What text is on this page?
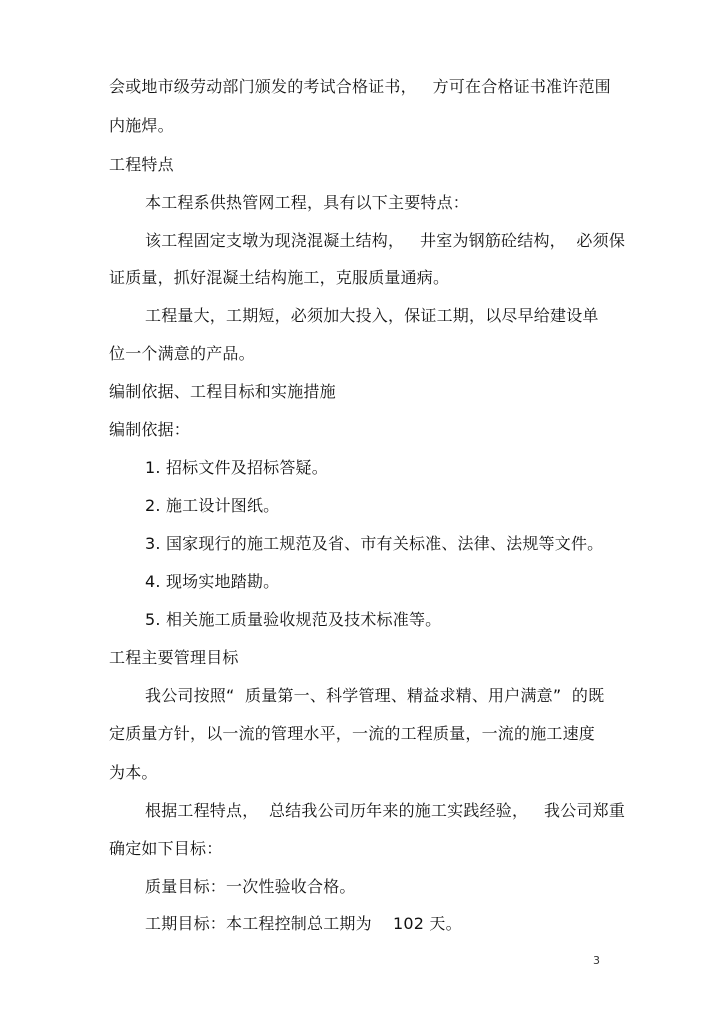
会或地市级劳动部门颁发的考试合格证书，   方可在合格证书准许范围
内施焊。
工程特点
本工程系供热管网工程，具有以下主要特点：
该工程固定支墩为现浇混凝土结构，   井室为钢筋砼结构，  必须保
证质量，抓好混凝土结构施工，克服质量通病。
工程量大，工期短，必须加大投入，保证工期，以尽早给建设单
位一个满意的产品。
编制依据、工程目标和实施措施
编制依据：
1. 招标文件及招标答疑。
2. 施工设计图纸。
3. 国家现行的施工规范及省、市有关标准、法律、法规等文件。
4. 现场实地踏勘。
5. 相关施工质量验收规范及技术标准等。
工程主要管理目标
我公司按照“  质量第一、科学管理、精益求精、用户满意”  的既
定质量方针，以一流的管理水平，一流的工程质量，一流的施工速度
为本。
根据工程特点，  总结我公司历年来的施工实践经验，   我公司郑重
确定如下目标：
质量目标：一次性验收合格。
工期目标：本工程控制总工期为    102 天。
3
